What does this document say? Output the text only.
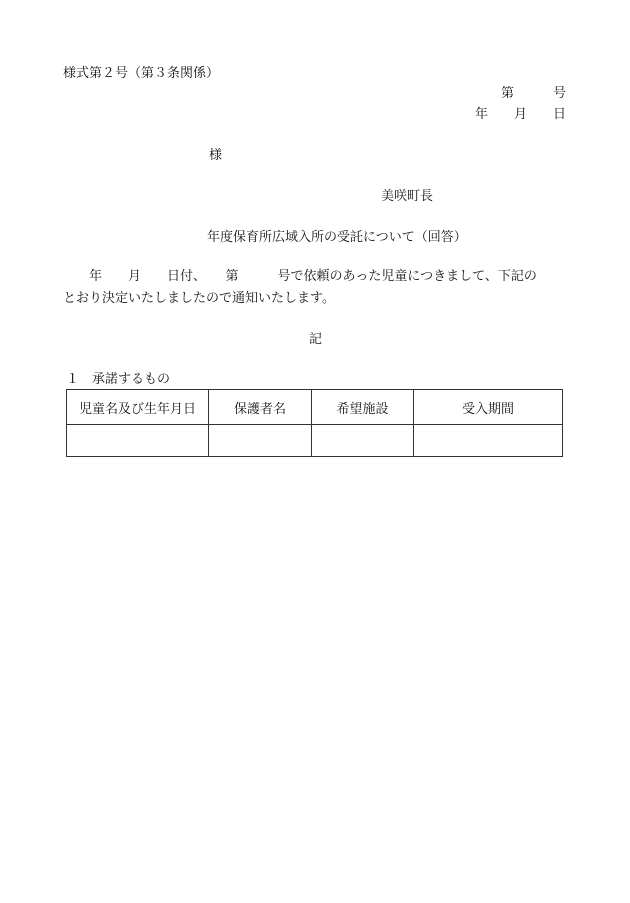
様式第２号（第３条関係）
第　　　号
年　　月　　日
様
美咲町長
年度保育所広域入所の受託について（回答）
　　年　　月　　日付、　　第　　　号で依頼のあった児童につきまして、下記の
とおり決定いたしましたので通知いたします。
記
１　承諾するもの
児童名及び生年月日	保護者名	希望施設	受入期間
